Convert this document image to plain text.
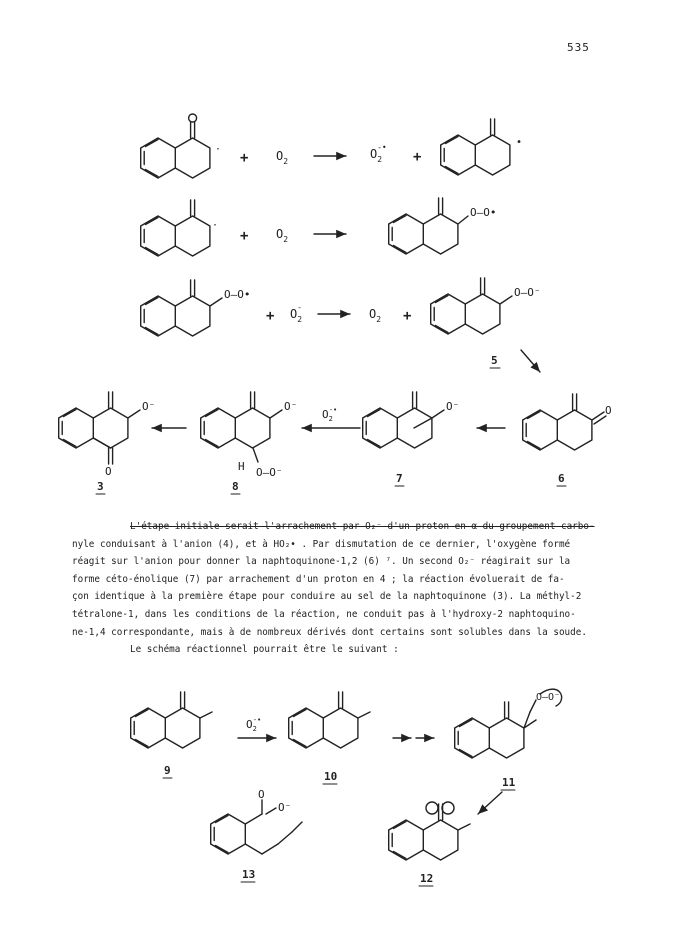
535
·
+ $O_2$
$O_2-•$
+
•
·
+ $O_2$
O–O•
O–O•
+ $O_2-$	$O_2$ +
O–O⁻
5
O
6
O⁻
7
$O_2-•$
O⁻
H O–O⁻
8
O⁻
O
3
9
$O_2-•$
10
O–O⁻
11
12
O
O⁻
13
L'étape initiale serait l'arrachement par O₂⁻ d'un proton en α du groupement carbo-
nyle conduisant à l'anion (4), et à HO₂• . Par dismutation de ce dernier, l'oxygène formé
réagit sur l'anion pour donner la naphtoquinone-1,2 (6) ⁷. Un second O₂⁻ réagirait sur la
forme céto-énolique (7) par arrachement d'un proton en 4 ; la réaction évoluerait de fa-
çon identique à la première étape pour conduire au sel de la naphtoquinone (3). La méthyl-2
tétralone-1, dans les conditions de la réaction, ne conduit pas à l'hydroxy-2 naphtoquino-
ne-1,4 correspondante, mais à de nombreux dérivés dont certains sont solubles dans la soude.
Le schéma réactionnel pourrait être le suivant :
